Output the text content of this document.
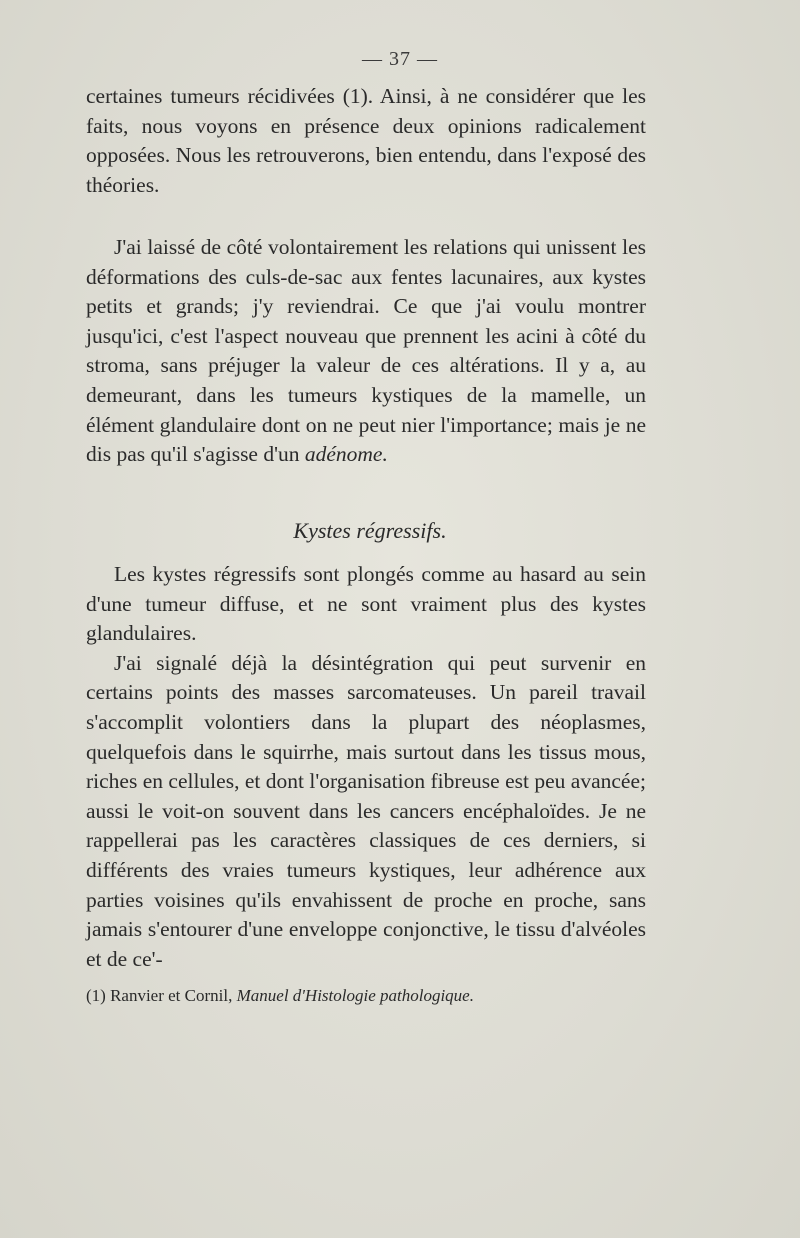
— 37 —

certaines tumeurs récidivées (1). Ainsi, à ne considérer que les faits, nous voyons en présence deux opinions radicalement opposées. Nous les retrouverons, bien entendu, dans l'exposé des théories.

J'ai laissé de côté volontairement les relations qui unissent les déformations des culs-de-sac aux fentes lacunaires, aux kystes petits et grands; j'y reviendrai. Ce que j'ai voulu montrer jusqu'ici, c'est l'aspect nouveau que prennent les acini à côté du stroma, sans préjuger la valeur de ces altérations. Il y a, au demeurant, dans les tumeurs kystiques de la mamelle, un élément glandulaire dont on ne peut nier l'importance; mais je ne dis pas qu'il s'agisse d'un adénome.

Kystes régressifs.

Les kystes régressifs sont plongés comme au hasard au sein d'une tumeur diffuse, et ne sont vraiment plus des kystes glandulaires.

J'ai signalé déjà la désintégration qui peut survenir en certains points des masses sarcomateuses. Un pareil travail s'accomplit volontiers dans la plupart des néoplasmes, quelquefois dans le squirrhe, mais surtout dans les tissus mous, riches en cellules, et dont l'organisation fibreuse est peu avancée; aussi le voit-on souvent dans les cancers encéphaloïdes. Je ne rappellerai pas les caractères classiques de ces derniers, si différents des vraies tumeurs kystiques, leur adhérence aux parties voisines qu'ils envahissent de proche en proche, sans jamais s'entourer d'une enveloppe conjonctive, le tissu d'alvéoles et de ce'-

(1) Ranvier et Cornil, Manuel d'Histologie pathologique.
